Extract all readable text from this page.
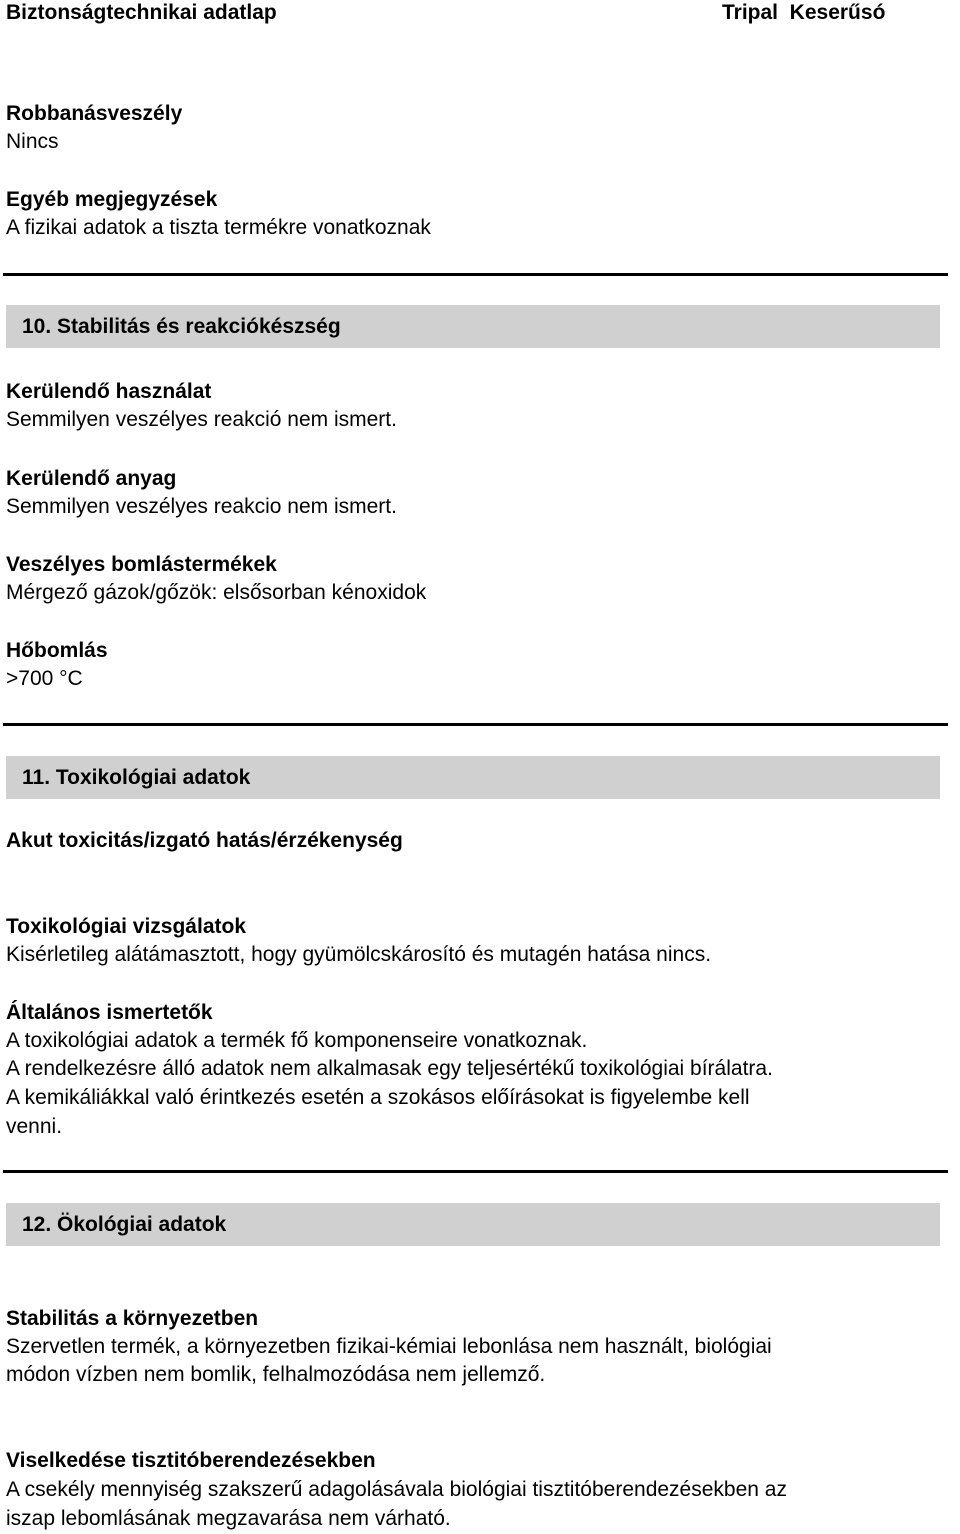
Biztonságtechnikai adatlap	Tripal  Keserűsó
Robbanásveszély
Nincs
Egyéb megjegyzések
A fizikai adatok a tiszta termékre vonatkoznak
10. Stabilitás és reakciókészség
Kerülendő használat
Semmilyen veszélyes reakció nem ismert.
Kerülendő anyag
Semmilyen veszélyes reakcio nem ismert.
Veszélyes bomlástermékek
Mérgező gázok/gőzök: elsősorban kénoxidok
Hőbomlás
>700 °C
11. Toxikológiai adatok
Akut toxicitás/izgató hatás/érzékenység
Toxikológiai vizsgálatok
Kisérletileg alátámasztott, hogy gyümölcskárosító és mutagén hatása nincs.
Általános ismertetők
A toxikológiai adatok a termék fő komponenseire vonatkoznak.
A rendelkezésre álló adatok nem alkalmasak egy teljesértékű toxikológiai bírálatra.
A kemikáliákkal való érintkezés esetén a szokásos előírásokat is figyelembe kell
venni.
12. Ökológiai adatok
Stabilitás a környezetben
Szervetlen termék, a környezetben fizikai-kémiai lebonlása nem használt, biológiai
módon vízben nem bomlik, felhalmozódása nem jellemző.
Viselkedése tisztitóberendezésekben
A csekély mennyiség szakszerű adagolásávala biológiai tisztitóberendezésekben az
iszap lebomlásának megzavarása nem várható.
